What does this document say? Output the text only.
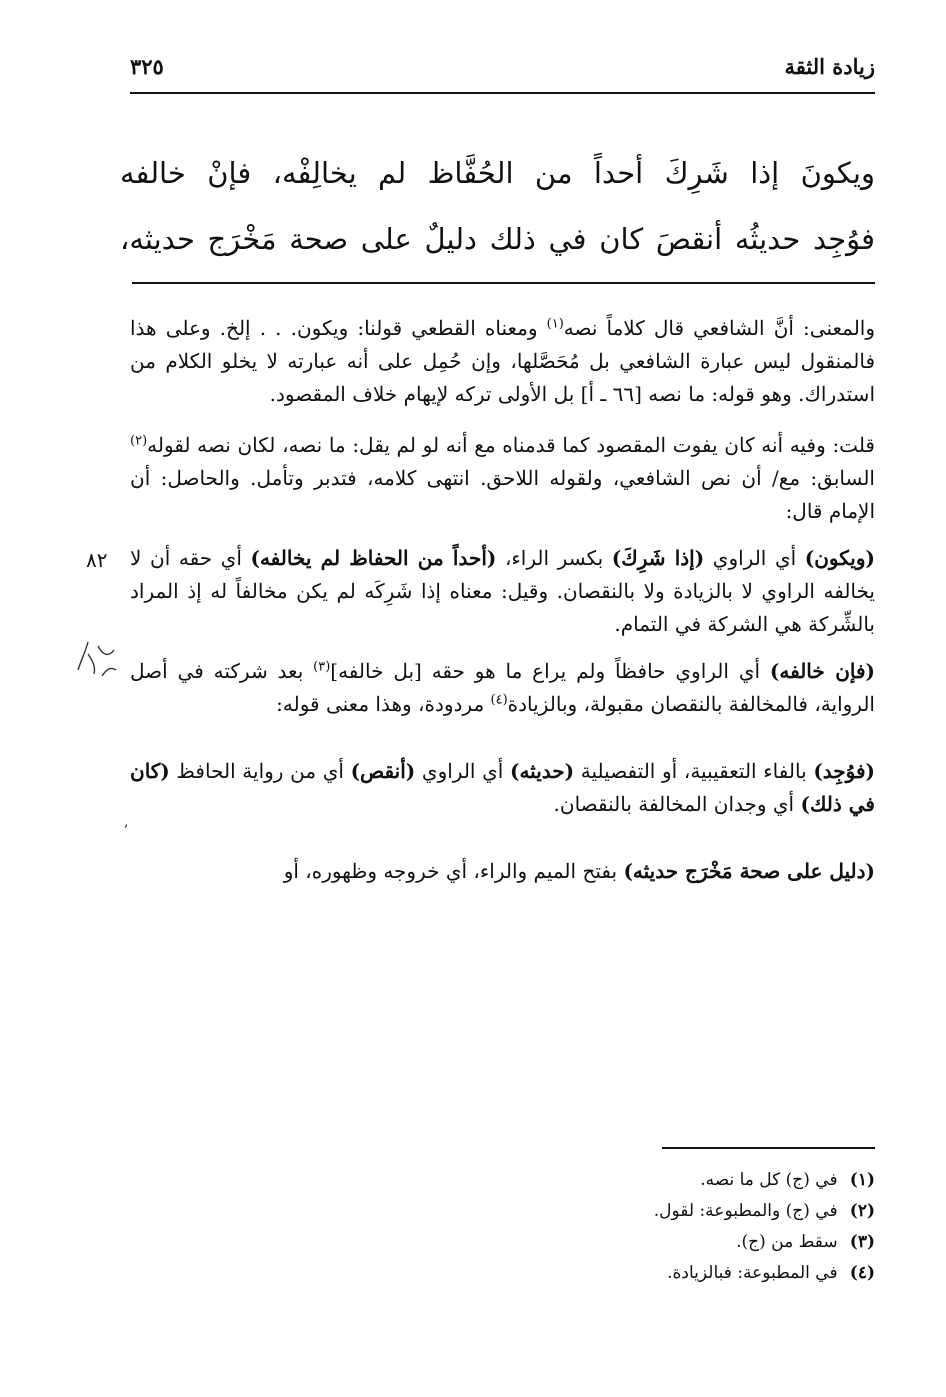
زيادة الثقة
٣٢٥

ويكونَ إذا شَرِكَ أحداً من الحُفَّاظ لم يخالِفْه، فإنْ خالفه

فوُجِد حديثُه أنقصَ كان في ذلك دليلٌ على صحة مَخْرَج حديثه،

والمعنى: أنَّ الشافعي قال كلاماً نصه$^{(١)}$ ومعناه القطعي قولنا: ويكون. . . إلخ. وعلى هذا فالمنقول ليس عبارة الشافعي بل مُحَصَّلها، وإن حُمِل على أنه عبارته لا يخلو الكلام من استدراك. وهو قوله: ما نصه [٦٦ ـ أ] بل الأولى تركه لإيهام خلاف المقصود.

قلت: وفيه أنه كان يفوت المقصود كما قدمناه مع أنه لو لم يقل: ما نصه، لكان نصه لقوله$^{(٢)}$ السابق: مع/ أن نص الشافعي، ولقوله اللاحق. انتهى كلامه، فتدبر وتأمل. والحاصل: أن الإمام قال:

(ويكون) أي الراوي (إذا شَرِكَ) بكسر الراء، (أحداً من الحفاظ لم يخالفه) أي حقه أن لا يخالفه الراوي لا بالزيادة ولا بالنقصان. وقيل: معناه إذا شَرِكَه لم يكن مخالفاً له إذ المراد بالشِّركة هي الشركة في التمام.

(فإن خالفه) أي الراوي حافظاً ولم يراع ما هو حقه [بل خالفه]$^{(٣)}$ بعد شركته في أصل الرواية، فالمخالفة بالنقصان مقبولة، وبالزيادة$^{(٤)}$ مردودة، وهذا معنى قوله:

(فوُجِد) بالفاء التعقيبية، أو التفصيلية (حديثه) أي الراوي (أنقص) أي من رواية الحافظ (كان في ذلك) أي وجدان المخالفة بالنقصان.

(دليل على صحة مَخْرَج حديثه) بفتح الميم والراء، أي خروجه وظهوره، أو

٨٢
,

(١) في (ج) كل ما نصه.

(٢) في (ج) والمطبوعة: لقول.

(٣) سقط من (ج).

(٤) في المطبوعة: فبالزيادة.
